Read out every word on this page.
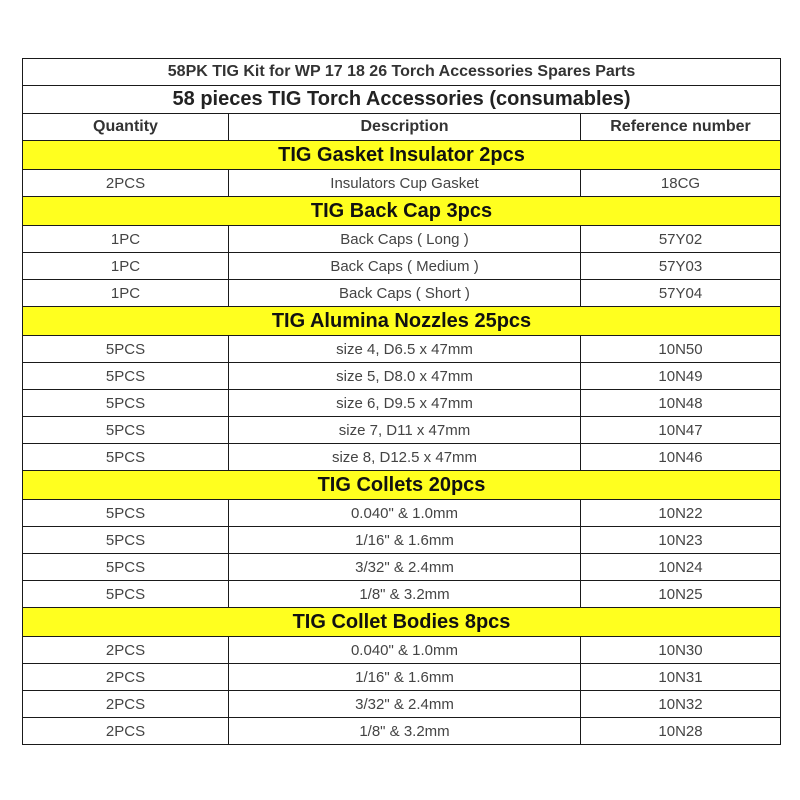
58PK TIG Kit for WP 17 18 26 Torch Accessories Spares Parts		
58 pieces TIG Torch Accessories (consumables)		
Quantity	Description	Reference number
TIG Gasket Insulator 2pcs		
2PCS	Insulators Cup Gasket	18CG
TIG Back Cap 3pcs		
1PC	Back Caps ( Long )	57Y02
1PC	Back Caps ( Medium )	57Y03
1PC	Back Caps ( Short )	57Y04
TIG Alumina Nozzles 25pcs		
5PCS	size 4, D6.5 x 47mm	10N50
5PCS	size 5, D8.0 x 47mm	10N49
5PCS	size 6, D9.5 x 47mm	10N48
5PCS	size 7, D11 x 47mm	10N47
5PCS	size 8, D12.5 x 47mm	10N46
TIG Collets 20pcs		
5PCS	0.040" & 1.0mm	10N22
5PCS	1/16" & 1.6mm	10N23
5PCS	3/32" & 2.4mm	10N24
5PCS	1/8" & 3.2mm	10N25
TIG Collet Bodies 8pcs		
2PCS	0.040" & 1.0mm	10N30
2PCS	1/16" & 1.6mm	10N31
2PCS	3/32" & 2.4mm	10N32
2PCS	1/8" & 3.2mm	10N28
